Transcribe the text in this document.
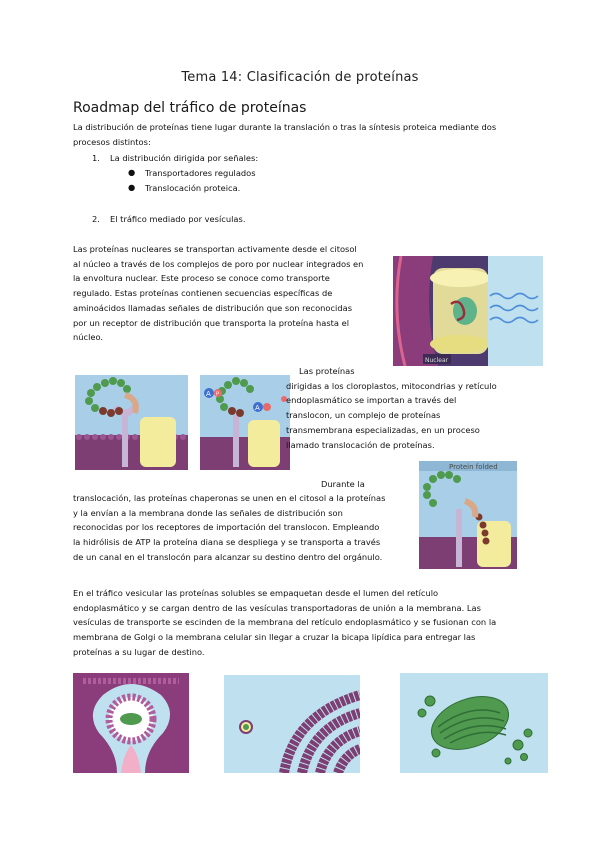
Tema 14: Clasificación de proteínas
Roadmap del tráfico de proteínas
La distribución de proteínas tiene lugar durante la translación o tras la síntesis proteica mediante dos
procesos distintos:
1. La distribución dirigida por señales:
● Transportadores regulados
● Translocación proteica.
2. El tráfico mediado por vesículas.
Las proteínas nucleares se transportan activamente desde el citosol
al núcleo a través de los complejos de poro por nuclear integrados en
la envoltura nuclear. Este proceso se conoce como transporte
regulado. Estas proteínas contienen secuencias específicas de
aminoácidos llamadas señales de distribución que son reconocidas
por un receptor de distribución que transporta la proteína hasta el
núcleo.
Nuclear
A P
A
Las proteínas
dirigidas a los cloroplastos, mitocondrias y retículo
endoplasmático se importan a través del
translocon, un complejo de proteínas
transmembrana especializadas, en un proceso
llamado translocación de proteínas.
Protein folded
Durante la
translocación, las proteínas chaperonas se unen en el citosol a la proteínas
y la envían a la membrana donde las señales de distribución son
reconocidas por los receptores de importación del translocon. Empleando
la hidrólisis de ATP la proteína diana se despliega y se transporta a través
de un canal en el translocón para alcanzar su destino dentro del orgánulo.
En el tráfico vesicular las proteínas solubles se empaquetan desde el lumen del retículo
endoplasmático y se cargan dentro de las vesículas transportadoras de unión a la membrana. Las
vesículas de transporte se escinden de la membrana del retículo endoplasmático y se fusionan con la
membrana de Golgi o la membrana celular sin llegar a cruzar la bicapa lipídica para entregar las
proteínas a su lugar de destino.
